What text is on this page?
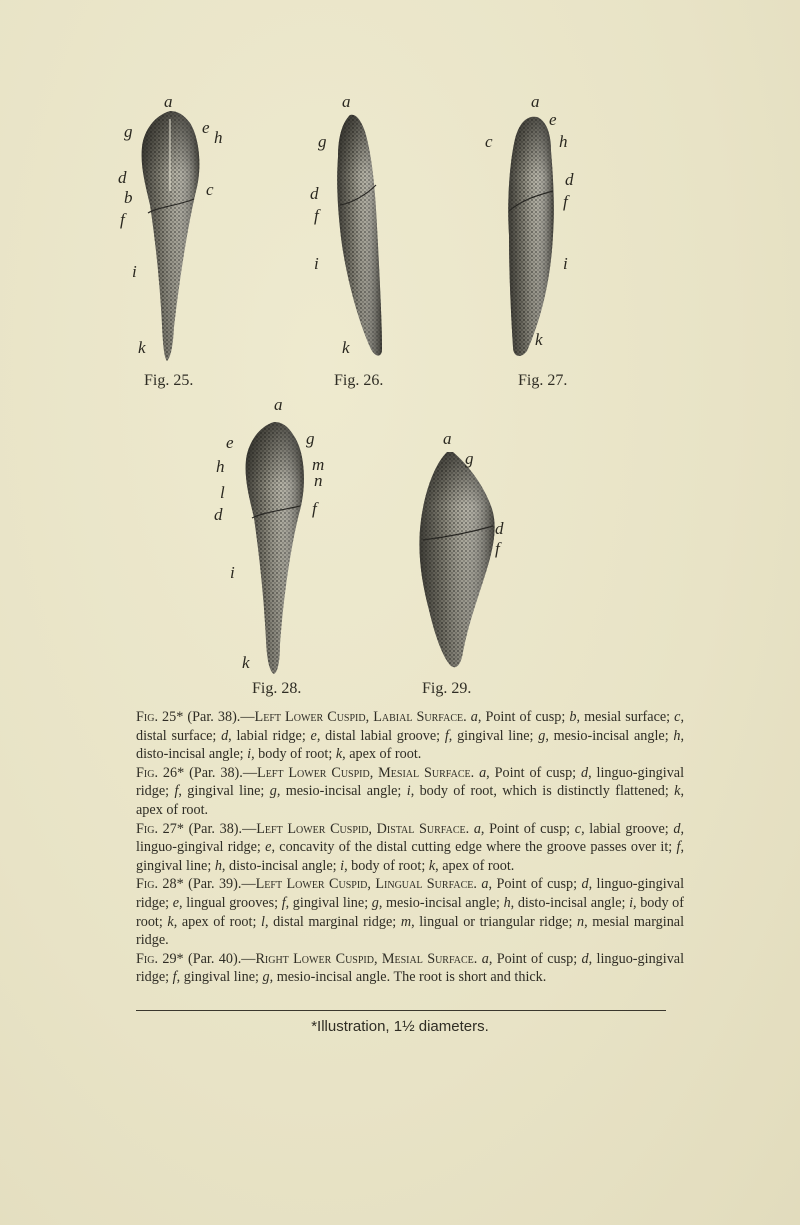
a
g	e
h
d
b	c
f
i
k
Fig. 25.
a
g
d
f
i
k
Fig. 26.
a
e
c	h
d
f
i
k
Fig. 27.
a
e	g
h	m
n
l
d	f
i
k
Fig. 28.
a
g
d
f
Fig. 29.

Fig. 25* (Par. 38).—Left Lower Cuspid, Labial Surface. a, Point of cusp; b, mesial surface; c, distal surface; d, labial ridge; e, distal labial groove; f, gingival line; g, mesio-incisal angle; h, disto-incisal angle; i, body of root; k, apex of root.

Fig. 26* (Par. 38).—Left Lower Cuspid, Mesial Surface. a, Point of cusp; d, linguo-gingival ridge; f, gingival line; g, mesio-incisal angle; i, body of root, which is distinctly flattened; k, apex of root.

Fig. 27* (Par. 38).—Left Lower Cuspid, Distal Surface. a, Point of cusp; c, labial groove; d, linguo-gingival ridge; e, concavity of the distal cutting edge where the groove passes over it; f, gingival line; h, disto-incisal angle; i, body of root; k, apex of root.

Fig. 28* (Par. 39).—Left Lower Cuspid, Lingual Surface. a, Point of cusp; d, linguo-gingival ridge; e, lingual grooves; f, gingival line; g, mesio-incisal angle; h, disto-incisal angle; i, body of root; k, apex of root; l, distal marginal ridge; m, lingual or triangular ridge; n, mesial marginal ridge.

Fig. 29* (Par. 40).—Right Lower Cuspid, Mesial Surface. a, Point of cusp; d, linguo-gingival ridge; f, gingival line; g, mesio-incisal angle. The root is short and thick.

*Illustration, 1½ diameters.
